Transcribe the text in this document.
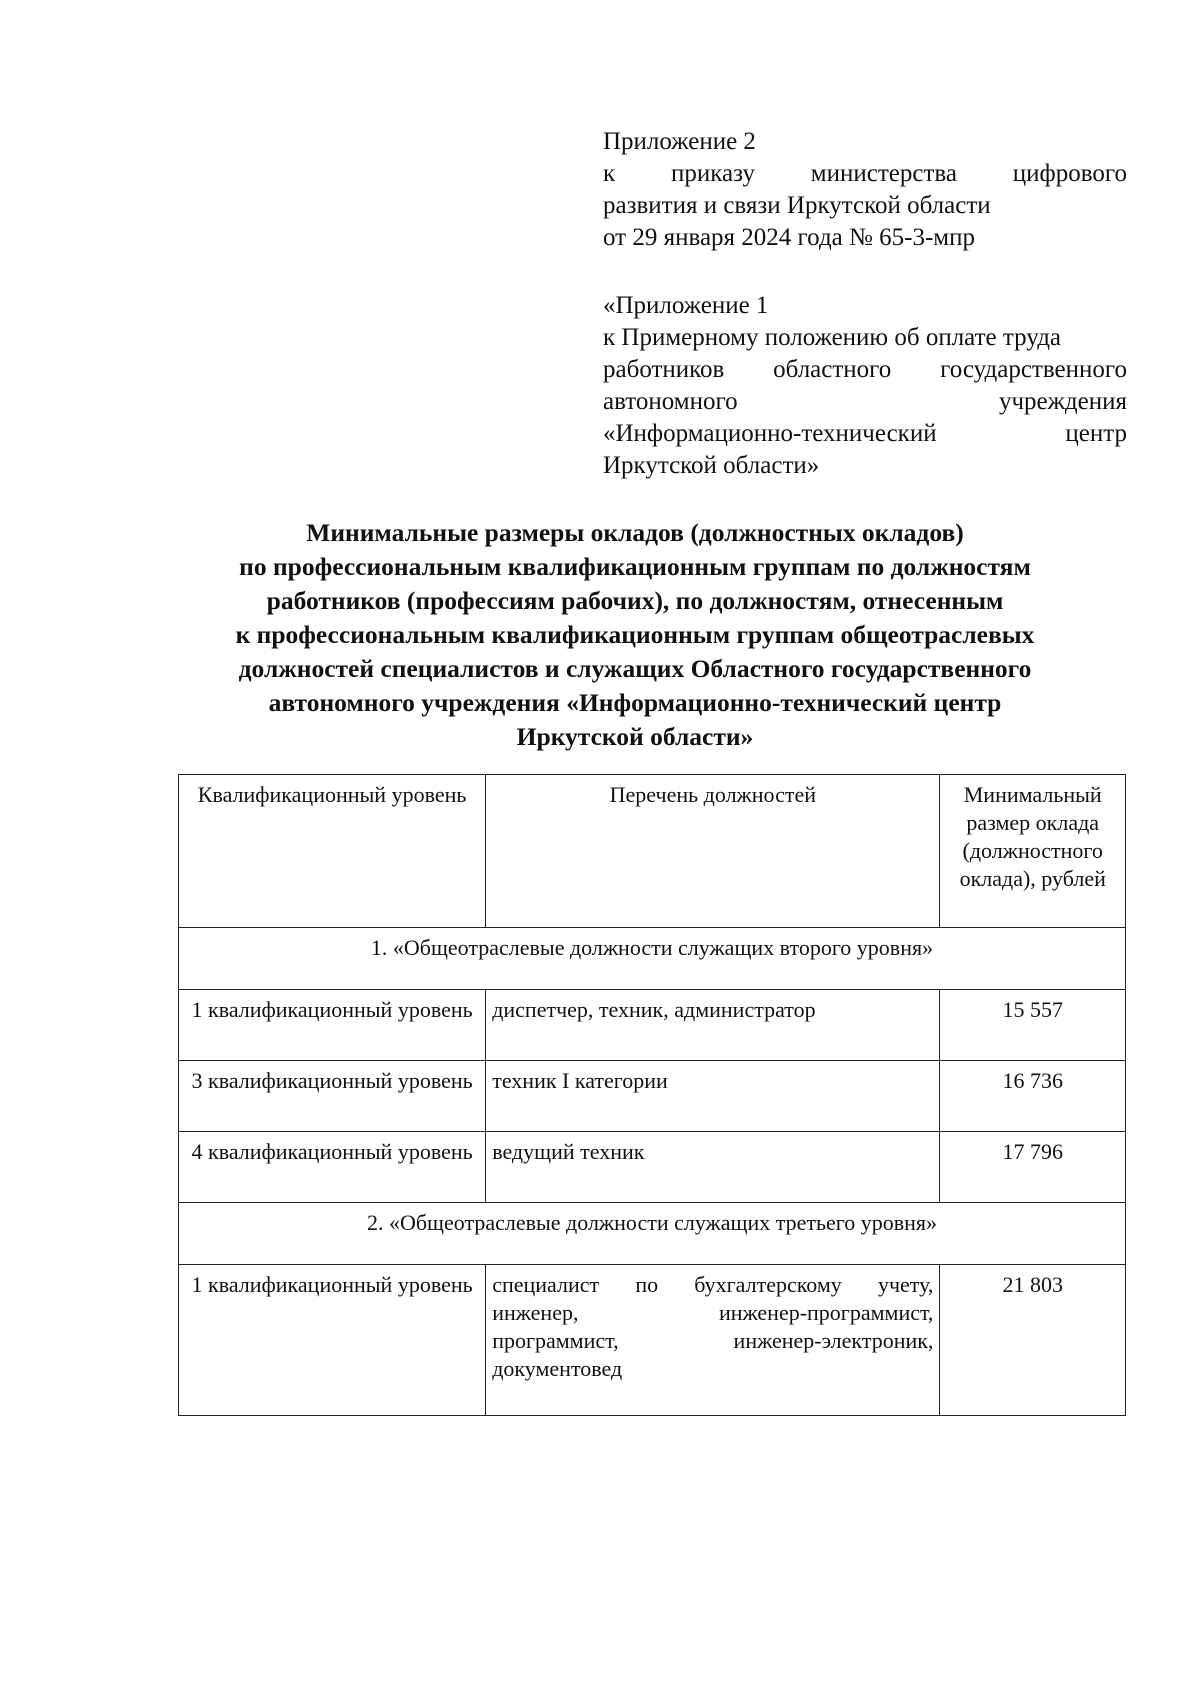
Приложение 2
к приказу министерства цифрового
развития и связи Иркутской области
от 29 января 2024 года № 65-3-мпр
«Приложение 1
к Примерному положению об оплате труда
работников областного государственного
автономного учреждения
«Информационно-технический центр
Иркутской области»
Минимальные размеры окладов (должностных окладов)
по профессиональным квалификационным группам по должностям
работников (профессиям рабочих), по должностям, отнесенным
к профессиональным квалификационным группам общеотраслевых
должностей специалистов и служащих Областного государственного
автономного учреждения «Информационно-технический центр
Иркутской области»
Квалификационный уровень	Перечень должностей	Минимальный размер оклада (должностного оклада), рублей
1. «Общеотраслевые должности служащих второго уровня»		
1 квалификационный уровень	диспетчер, техник, администратор	15 557
3 квалификационный уровень	техник I категории	16 736
4 квалификационный уровень	ведущий техник	17 796
2. «Общеотраслевые должности служащих третьего уровня»		
1 квалификационный уровень	специалист по бухгалтерскому учету,
инженер, инженер-программист,
программист, инженер-электроник,
документовед	21 803
